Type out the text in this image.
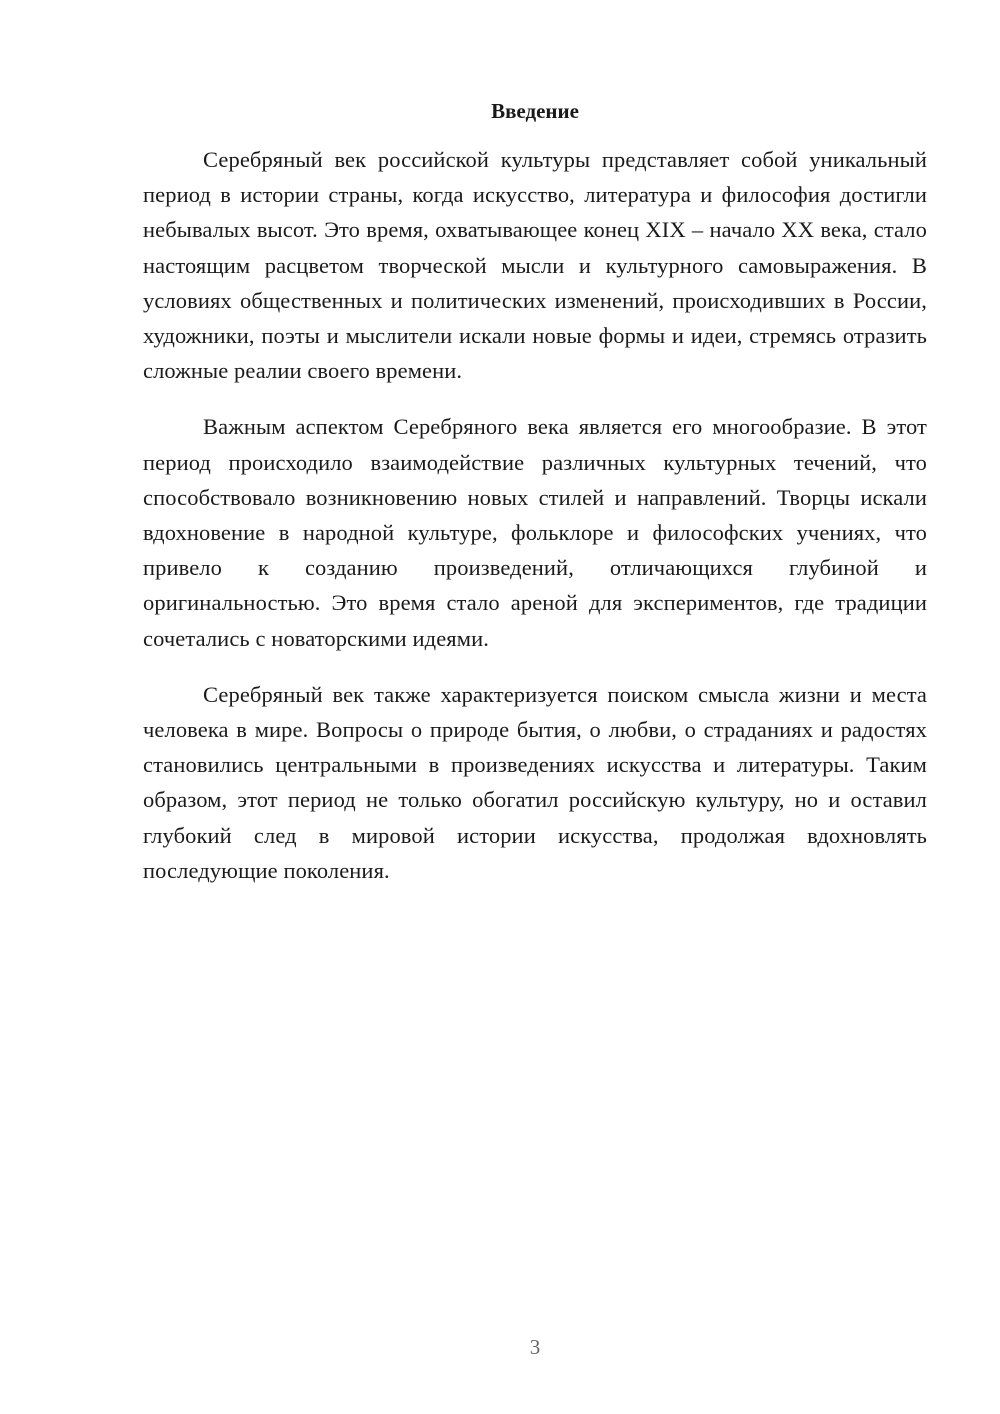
Введение

Серебряный век российской культуры представляет собой уникальный период в истории страны, когда искусство, литература и философия достигли небывалых высот. Это время, охватывающее конец XIX – начало XX века, стало настоящим расцветом творческой мысли и культурного самовыражения. В условиях общественных и политических изменений, происходивших в России, художники, поэты и мыслители искали новые формы и идеи, стремясь отразить сложные реалии своего времени.

Важным аспектом Серебряного века является его многообразие. В этот период происходило взаимодействие различных культурных течений, что способствовало возникновению новых стилей и направлений. Творцы искали вдохновение в народной культуре, фольклоре и философских учениях, что привело к созданию произведений, отличающихся глубиной и оригинальностью. Это время стало ареной для экспериментов, где традиции сочетались с новаторскими идеями.

Серебряный век также характеризуется поиском смысла жизни и места человека в мире. Вопросы о природе бытия, о любви, о страданиях и радостях становились центральными в произведениях искусства и литературы. Таким образом, этот период не только обогатил российскую культуру, но и оставил глубокий след в мировой истории искусства, продолжая вдохновлять последующие поколения.

3
